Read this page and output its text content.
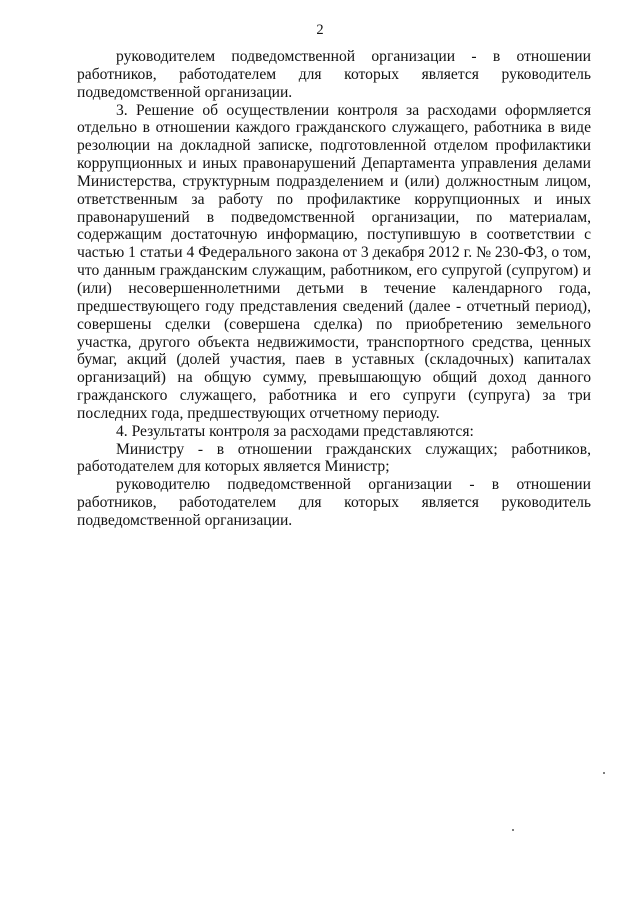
2

руководителем подведомственной организации - в отношении работников, работодателем для которых является руководитель подведомственной организации.

3. Решение об осуществлении контроля за расходами оформляется отдельно в отношении каждого гражданского служащего, работника в виде резолюции на докладной записке, подготовленной отделом профилактики коррупционных и иных правонарушений Департамента управления делами Министерства, структурным подразделением и (или) должностным лицом, ответственным за работу по профилактике коррупционных и иных правонарушений в подведомственной организации, по материалам, содержащим достаточную информацию, поступившую в соответствии с частью 1 статьи 4 Федерального закона от 3 декабря 2012 г. № 230-ФЗ, о том, что данным гражданским служащим, работником, его супругой (супругом) и (или) несовершеннолетними детьми в течение календарного года, предшествующего году представления сведений (далее - отчетный период), совершены сделки (совершена сделка) по приобретению земельного участка, другого объекта недвижимости, транспортного средства, ценных бумаг, акций (долей участия, паев в уставных (складочных) капиталах организаций) на общую сумму, превышающую общий доход данного гражданского служащего, работника и его супруги (супруга) за три последних года, предшествующих отчетному периоду.

4. Результаты контроля за расходами представляются:

Министру - в отношении гражданских служащих; работников, работодателем для которых является Министр;

руководителю подведомственной организации - в отношении работников, работодателем для которых является руководитель подведомственной организации.
